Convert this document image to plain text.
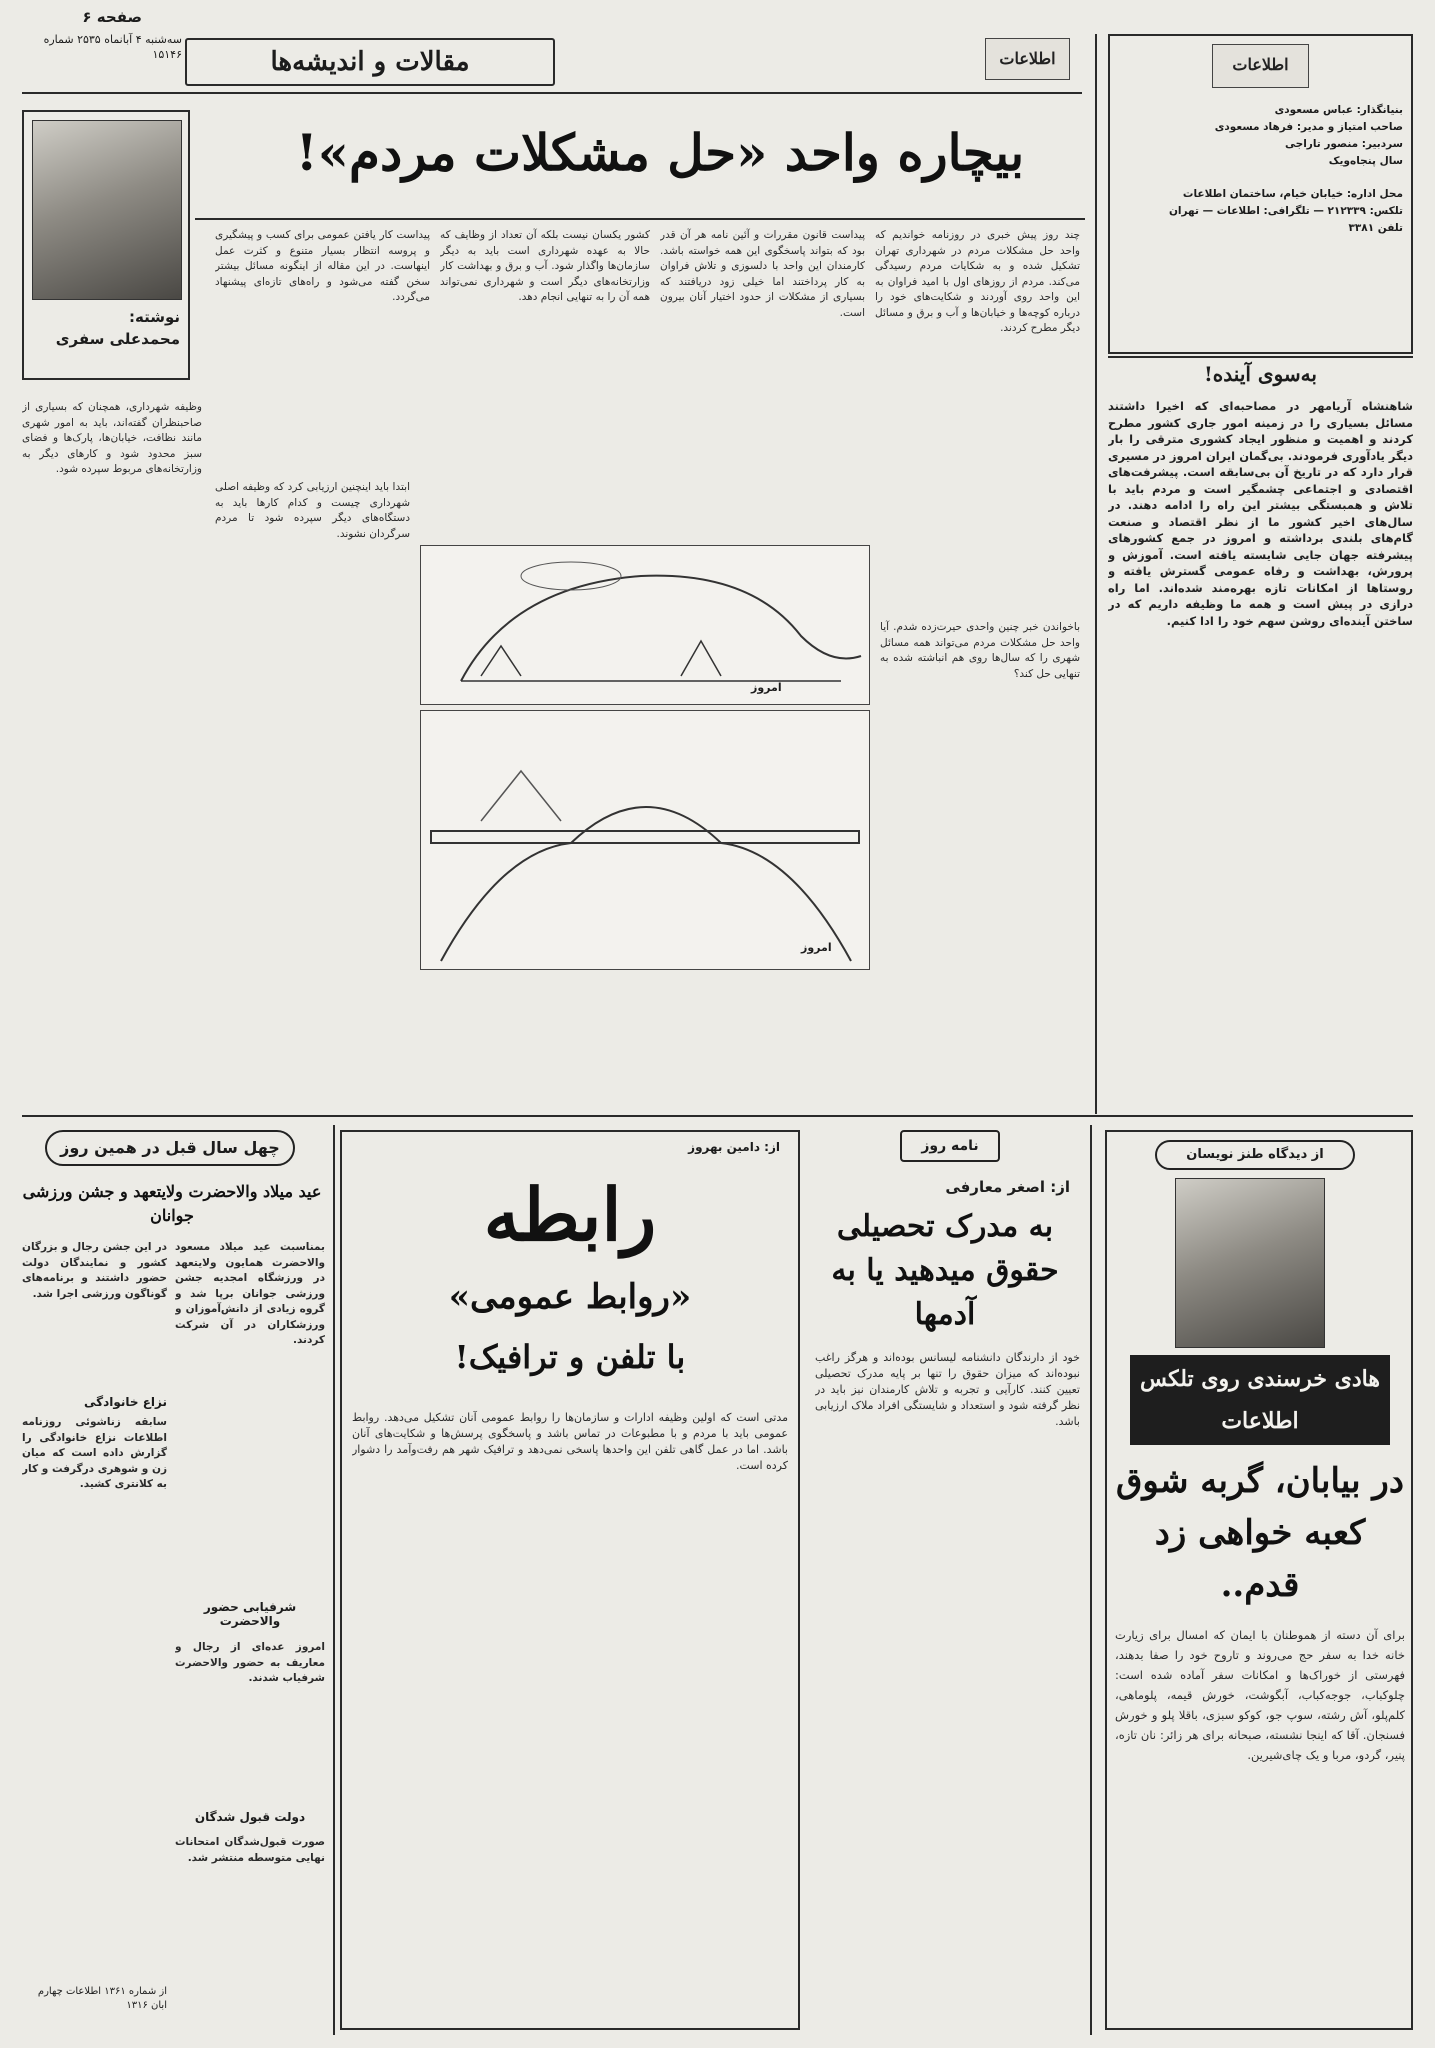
صفحه ۶
سه‌شنبه ۴ آبانماه ۲۵۳۵ شماره ۱۵۱۴۶	مقالات و اندیشه‌ها	اطلاعات	اطلاعات
بنیانگذار: عباس مسعودی
صاحب امتیاز و مدیر: فرهاد مسعودی
سردبیر: منصور تاراجی
سال پنجاه‌ویک
محل اداره: خیابان خیام، ساختمان اطلاعات
تلکس: ۲۱۲۳۳۹ — تلگرافی: اطلاعات — تهران
تلفن ۳۳۸۱
به‌سوی آینده!
شاهنشاه آریامهر در مصاحبه‌ای که اخیرا داشتند مسائل بسیاری را در زمینه امور جاری کشور مطرح کردند و اهمیت و منظور ایجاد کشوری مترقی را بار دیگر یادآوری فرمودند. بی‌گمان ایران امروز در مسیری قرار دارد که در تاریخ آن بی‌سابقه است. پیشرفت‌های اقتصادی و اجتماعی چشمگیر است و مردم باید با تلاش و همبستگی بیشتر این راه را ادامه دهند. در سال‌های اخیر کشور ما از نظر اقتصاد و صنعت گام‌های بلندی برداشته و امروز در جمع کشورهای پیشرفته جهان جایی شایسته یافته است. آموزش و پرورش، بهداشت و رفاه عمومی گسترش یافته و روستاها از امکانات تازه بهره‌مند شده‌اند. اما راه درازی در پیش است و همه ما وظیفه داریم که در ساختن آینده‌ای روشن سهم خود را ادا کنیم.
بیچاره واحد «حل مشکلات مردم»!
نوشته:
محمدعلی سفری
چند روز پیش خبری در روزنامه خواندیم که واحد حل مشکلات مردم در شهرداری تهران تشکیل شده و به شکایات مردم رسیدگی می‌کند. مردم از روزهای اول با امید فراوان به این واحد روی آوردند و شکایت‌های خود را درباره کوچه‌ها و خیابان‌ها و آب و برق و مسائل دیگر مطرح کردند.
پیداست قانون مقررات و آئین نامه هر آن قدر بود که بتواند پاسخگوی این همه خواسته باشد. کارمندان این واحد با دلسوزی و تلاش فراوان به کار پرداختند اما خیلی زود دریافتند که بسیاری از مشکلات از حدود اختیار آنان بیرون است.
کشور یکسان نیست بلکه آن تعداد از وظایف که حالا به عهده شهرداری است باید به دیگر سازمان‌ها واگذار شود. آب و برق و بهداشت کار وزارتخانه‌های دیگر است و شهرداری نمی‌تواند همه آن را به تنهایی انجام دهد.
پیداست کار یافتن عمومی برای کسب و پیشگیری و پروسه انتظار بسیار متنوع و کثرت عمل اینهاست. در این مقاله از اینگونه مسائل بیشتر سخن گفته می‌شود و راه‌های تازه‌ای پیشنهاد می‌گردد.
امروز
امروز
باخواندن خبر چنین واحدی حیرت‌زده شدم. آیا واحد حل مشکلات مردم می‌تواند همه مسائل شهری را که سال‌ها روی هم انباشته شده به تنهایی حل کند؟
ابتدا باید اینچنین ارزیابی کرد که وظیفه اصلی شهرداری چیست و کدام کارها باید به دستگاه‌های دیگر سپرده شود تا مردم سرگردان نشوند.
وظیفه شهرداری، همچنان که بسیاری از صاحبنظران گفته‌اند، باید به امور شهری مانند نظافت، خیابان‌ها، پارک‌ها و فضای سبز محدود شود و کارهای دیگر به وزارتخانه‌های مربوط سپرده شود.
چهل سال قبل در همین روز
عید میلاد والاحضرت ولایتعهد و جشن ورزشی جوانان
بمناسبت عید میلاد مسعود والاحضرت همایون ولایتعهد در ورزشگاه امجدیه جشن ورزشی جوانان برپا شد و گروه زیادی از دانش‌آموزان و ورزشکاران در آن شرکت کردند.
در این جشن رجال و بزرگان کشور و نمایندگان دولت حضور داشتند و برنامه‌های گوناگون ورزشی اجرا شد.
نزاع خانوادگی
سابقه زناشوئی روزنامه اطلاعات نزاع خانوادگی را گزارش داده است که میان زن و شوهری درگرفت و کار به کلانتری کشید.
شرفیابی حضور والاحضرت
امروز عده‌ای از رجال و معاریف به حضور والاحضرت شرفیاب شدند.
دولت قبول شدگان
صورت قبول‌شدگان امتحانات نهایی متوسطه منتشر شد.
از شماره ۱۳۶۱ اطلاعات چهارم ابان ۱۳۱۶
از: دامین بهروز
رابطه
«روابط عمومی»
با تلفن و ترافیک!
مدتی است که اولین وظیفه ادارات و سازمان‌ها را روابط عمومی آنان تشکیل می‌دهد. روابط عمومی باید با مردم و با مطبوعات در تماس باشد و پاسخگوی پرسش‌ها و شکایت‌های آنان باشد. اما در عمل گاهی تلفن این واحدها پاسخی نمی‌دهد و ترافیک شهر هم رفت‌وآمد را دشوار کرده است.
نامه روز
از: اصغر معارفی
به مدرک تحصیلی حقوق میدهید یا به آدمها
خود از دارندگان دانشنامه لیسانس بوده‌اند و هرگز راغب نبوده‌اند که میزان حقوق را تنها بر پایه مدرک تحصیلی تعیین کنند. کارآیی و تجربه و تلاش کارمندان نیز باید در نظر گرفته شود و استعداد و شایستگی افراد ملاک ارزیابی باشد.
از دیدگاه طنز نویسان
هادی خرسندی روی تلکس اطلاعات
در بیابان، گربه شوق کعبه خواهی زد قدم..
برای آن دسته از هموطنان با ایمان که امسال برای زیارت خانه خدا به سفر حج می‌روند و تاروح خود را صفا بدهند، فهرستی از خوراک‌ها و امکانات سفر آماده شده است: چلوکباب، جوجه‌کباب، آبگوشت، خورش قیمه، پلوماهی، کلم‌پلو، آش رشته، سوپ جو، کوکو سبزی، باقلا پلو و خورش فسنجان. آقا که اینجا نشسته، صبحانه برای هر زائر: نان تازه، پنیر، گردو، مربا و یک چای‌شیرین.
